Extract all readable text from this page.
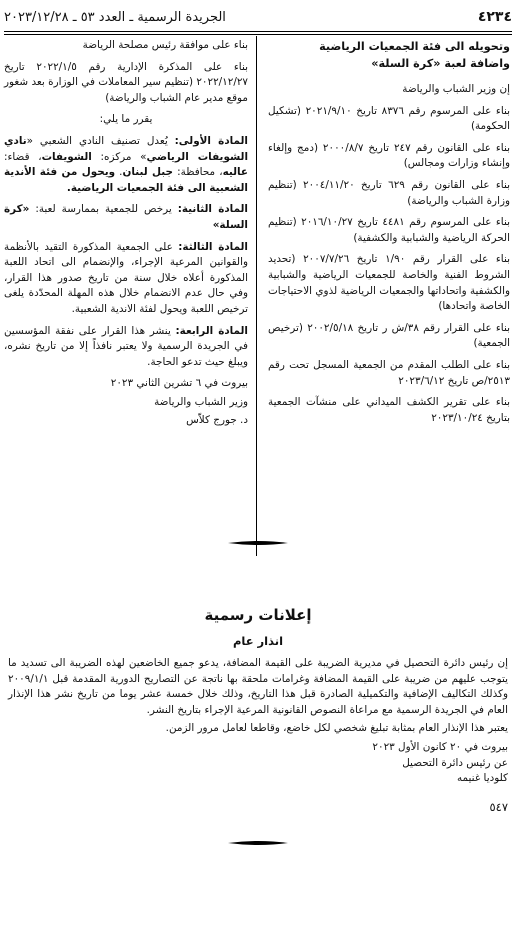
٤٢٣٤
الجريدة الرسمية ـ العدد ٥٣ ـ ٢٠٢٣/١٢/٢٨
وتحويله الى فئة الجمعيات الرياضية
واضافة لعبة «كرة السلة»

إن وزير الشباب والرياضة

بناء على المرسوم رقم ٨٣٧٦ تاريخ ٢٠٢١/٩/١٠ (تشكيل الحكومة)

بناء على القانون رقم ٢٤٧ تاريخ ٢٠٠٠/٨/٧ (دمج وإلغاء وإنشاء وزارات ومجالس)

بناء على القانون رقم ٦٢٩ تاريخ ٢٠٠٤/١١/٢٠ (تنظيم وزارة الشباب والرياضة)

بناء على المرسوم رقم ٤٤٨١ تاريخ ٢٠١٦/١٠/٢٧ (تنظيم الحركة الرياضية والشبابية والكشفية)

بناء على القرار رقم ١/٩٠ تاريخ ٢٠٠٧/٧/٢٦ (تحديد الشروط الفنية والخاصة للجمعيات الرياضية والشبابية والكشفية واتحاداتها والجمعيات الرياضية لذوي الاحتياجات الخاصة واتحادها)

بناء على القرار رقم ٣٨/ش ر تاريخ ٢٠٠٢/٥/١٨ (ترخيص الجمعية)

بناء على الطلب المقدم من الجمعية المسجل تحت رقم ٢٥١٣/ص تاريخ ٢٠٢٣/٦/١٢

بناء على تقرير الكشف الميداني على منشآت الجمعية بتاريخ ٢٠٢٣/١٠/٢٤

بناء على موافقة رئيس مصلحة الرياضة

بناء على المذكرة الإدارية رقم ٢٠٢٢/١/٥ تاريخ ٢٠٢٢/١٢/٢٧ (تنظيم سير المعاملات في الوزارة بعد شغور موقع مدير عام الشباب والرياضة)

يقرر ما يلي:

المادة الأولى: يُعدل تصنيف النادي الشعبي «نادي الشويفات الرياضي» مركزه: الشويفات، قضاء: عاليه، محافظة: جبل لبنان. ويحول من فئة الأندية الشعبية الى فئة الجمعيات الرياضية.

المادة الثانية: يرخص للجمعية بممارسة لعبة: «كرة السلة»

المادة الثالثة: على الجمعية المذكورة التقيد بالأنظمة والقوانين المرعية الإجراء، والإنضمام الى اتحاد اللعبة المذكورة أعلاه خلال سنة من تاريخ صدور هذا القرار، وفي حال عدم الانضمام خلال هذه المهلة المحدّدة يلغى ترخيص اللعبة ويحول لفئة الاندية الشعبية.

المادة الرابعة: ينشر هذا القرار على نفقة المؤسسين في الجريدة الرسمية ولا يعتبر نافذاً إلا من تاريخ نشره، ويبلغ حيث تدعو الحاجة.

بيروت في ٦ تشرين الثاني ٢٠٢٣

وزير الشباب والرياضة

د. جورج كلاّس

إعلانات رسمية
انذار عام

إن رئيس دائرة التحصيل في مديرية الضريبة على القيمة المضافة، يدعو جميع الخاضعين لهذه الضريبة الى تسديد ما يتوجب عليهم من ضريبة على القيمة المضافة وغرامات ملحقة بها ناتجة عن التصاريح الدورية المقدمة قبل ٢٠٠٩/١/١ وكذلك التكاليف الإضافية والتكميلية الصادرة قبل هذا التاريخ، وذلك خلال خمسة عشر يوما من تاريخ نشر هذا الإنذار العام في الجريدة الرسمية مع مراعاة النصوص القانونية المرعية الإجراء بتاريخ النشر.

يعتبر هذا الإنذار العام بمثابة تبليغ شخصي لكل خاضع، وقاطعا لعامل مرور الزمن.

بيروت في ٢٠ كانون الأول ٢٠٢٣

عن رئيس دائرة التحصيل

كلوديا غنيمه

٥٤٧
